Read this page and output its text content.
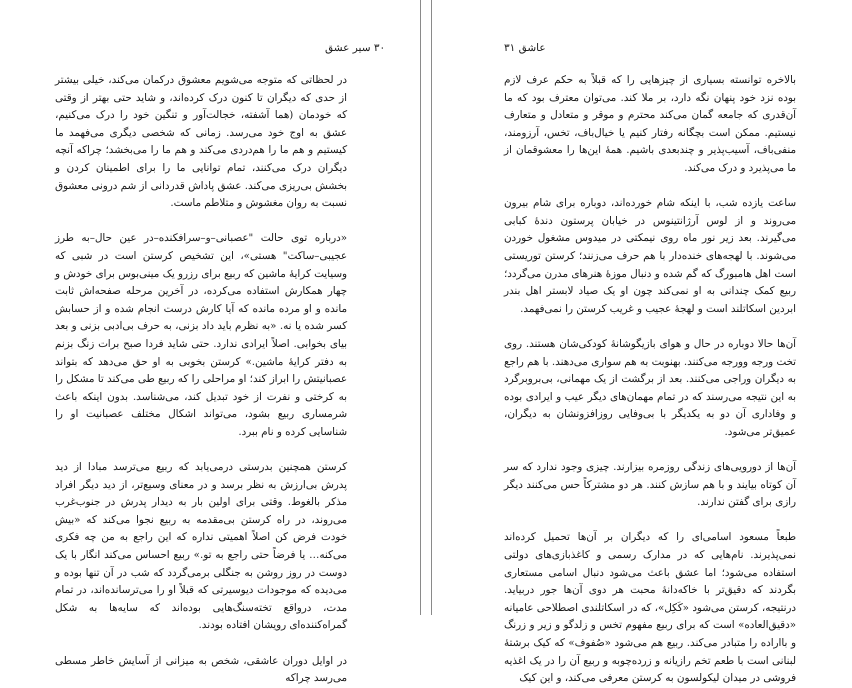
۳۰ سیر عشق

در لحظاتی که متوجه می‌شویم معشوق درکمان می‌کند، خیلی بیشتر از حدی که دیگران تا کنون درک کرده‌اند، و شاید حتی بهتر از وقتی که خودمان (هما آشفته، خجالت‌آور و تنگین خود را درک می‌کنیم، عشق به اوج خود می‌رسد. زمانی که شخصی دیگری می‌فهمد ما کیستیم و هم ما را هم‌دردی می‌کند و هم ما را می‌بخشد؛ چراکه آنچه دیگران درک می‌کنند، تمام توانایی ما را برای اطمینان کردن و بخشش بی‌ریزی می‌کند. عشق پاداش قدردانی از شم درونی معشوق نسبت به روان مغشوش و متلاطم ماست.

«درباره توی حالت "عصبانی–و–سرافکنده–در عین حال–به طرز عجیبی–ساکت" هستی»، این تشخیص کرستن است در شبی که وسیایت کرایهٔ ماشین که ربیع برای رزرو یک مینی‌بوس برای خودش و چهار همکارش استفاده می‌کرده، در آخرین مرحله صفحه‌اش ثابت مانده و او مرده مانده که آیا کارش درست انجام شده و از حسابش کسر شده یا نه. «به نظرم باید داد بزنی، به حرف بی‌ادبی بزنی و بعد بیای بخوابی. اصلاً ایرادی ندارد. حتی شاید فردا صبح برات زنگ بزنم به دفتر کرایهٔ ماشین.» کرستن بخوبی به او حق می‌دهد که بتواند عصبانیتش را ابراز کند؛ او مراحلی را که ربیع طی می‌کند تا مشکل را به کرختی و نفرت از خود تبدیل کند، می‌شناسد. بدون اینکه باعث شرمساری ربیع بشود، می‌تواند اشکال مختلف عصبانیت او را شناسایی کرده و نام ببرد.

کرستن همچنین بدرستی درمی‌یابد که ربیع می‌ترسد مبادا از دید پدرش بی‌ارزش به نظر برسد و در معنای وسیع‌تر، از دید دیگر افراد مذکر بالغوط. وقتی برای اولین بار به دیدار پدرش در جنوب‌غرب می‌روند، در راه کرستن بی‌مقدمه به ربیع نجوا می‌کند که «بیش خودت فرض کن اصلاً اهمیتی نداره که این راجع به من چه فکری می‌کنه… یا فرضاً حتی راجع به تو.» ربیع احساس می‌کند انگار با یک دوست در روز روشن به جنگلی برمی‌گردد که شب در آن تنها بوده و می‌دیده که موجودات دیوسیرتی که قبلاً او را می‌ترسانده‌اند، در تمام مدت، درواقع تخته‌سنگ‌هایی بوده‌اند که سایه‌ها به شکل گمراه‌کننده‌ای رویشان افتاده بودند.

در اوایل دوران عاشقی، شخص به میزانی از آسایش خاطر مسطی می‌رسد چراکه

عاشق ۳۱

بالاخره توانسته بسیاری از چیزهایی را که قبلاً به حکم عرف لازم بوده نزد خود پنهان نگه دارد، بر ملا کند. می‌توان معترف بود که ما آن‌قدری که جامعه گمان می‌کند محترم و موقر و متعادل و متعارف نیستیم. ممکن است بچگانه رفتار کنیم یا خیال‌باف، تخس، آرزومند، منفی‌باف، آسیب‌پذیر و چندبعدی باشیم. همهٔ این‌ها را معشوقمان از ما می‌پذیرد و درک می‌کند.

ساعت یازده شب، با اینکه شام خورده‌اند، دوباره برای شام بیرون می‌روند و از لوس آرژانتینوس در خیابان پرستون دندهٔ کبابی می‌گیرند. بعد زیر نور ماه روی نیمکتی در میدوس مشغول خوردن می‌شوند. با لهجه‌های خنده‌دار با هم حرف می‌زنند؛ کرستن توریستی است اهل هامبورگ که گم شده و دنبال موزهٔ هنرهای مدرن می‌گردد؛ ربیع کمک چندانی به او نمی‌کند چون او یک صیاد لابستر اهل بندر ابردین اسکاتلند است و لهجهٔ عجیب و غریب کرستن را نمی‌فهمد.

آن‌ها حالا دوباره در حال و هوای بازیگوشانهٔ کودکی‌شان هستند. روی تخت ورجه وورجه می‌کنند. بهنوبت به هم سواری می‌دهند. با هم راجع به دیگران وراجی می‌کنند. بعد از برگشت از یک مهمانی، بی‌برو‌برگرد به این نتیجه می‌رسند که در تمام مهمان‌های دیگر عیب و ایرادی بوده و وفاداری آن دو به یکدیگر با بی‌وفایی روزافزونشان به دیگران، عمیق‌تر می‌شود.

آن‌ها از دورویی‌های زندگی روزمره بیزارند. چیزی وجود ندارد که سر آن کوتاه بیایند و با هم سازش کنند. هر دو مشترکاً حس می‌کنند دیگر رازی برای گفتن ندارند.

طبعاً مسعود اسامی‌ای را که دیگران بر آن‌ها تحمیل کرده‌اند نمی‌پذیرند. نام‌هایی که در مدارک رسمی و کاغذبازی‌های دولتی استفاده می‌شود؛ اما عشق باعث می‌شود دنبال اسامی مستعاری بگردند که دقیق‌تر با خاکه‌دانهٔ محبت هر دوی آن‌ها جور دربیاید. درنتیجه، کرستن می‌شود «کَکِل»، که در اسکاتلندی اصطلاحی عامیانه «دقیق‌العاده» است که برای ربیع مفهوم تخس و زلدگو و زیر و زرنگ و بااراده را متبادر می‌کند. ربیع هم می‌شود «صُفوف» که کیک برشتهٔ لبنانی است با طعم تخم رازیانه و زرده‌چوبه و ربیع آن را در یک اغذیه فروشی در میدان لیکولسون به کرستن معرفی می‌کند، و این کیک
